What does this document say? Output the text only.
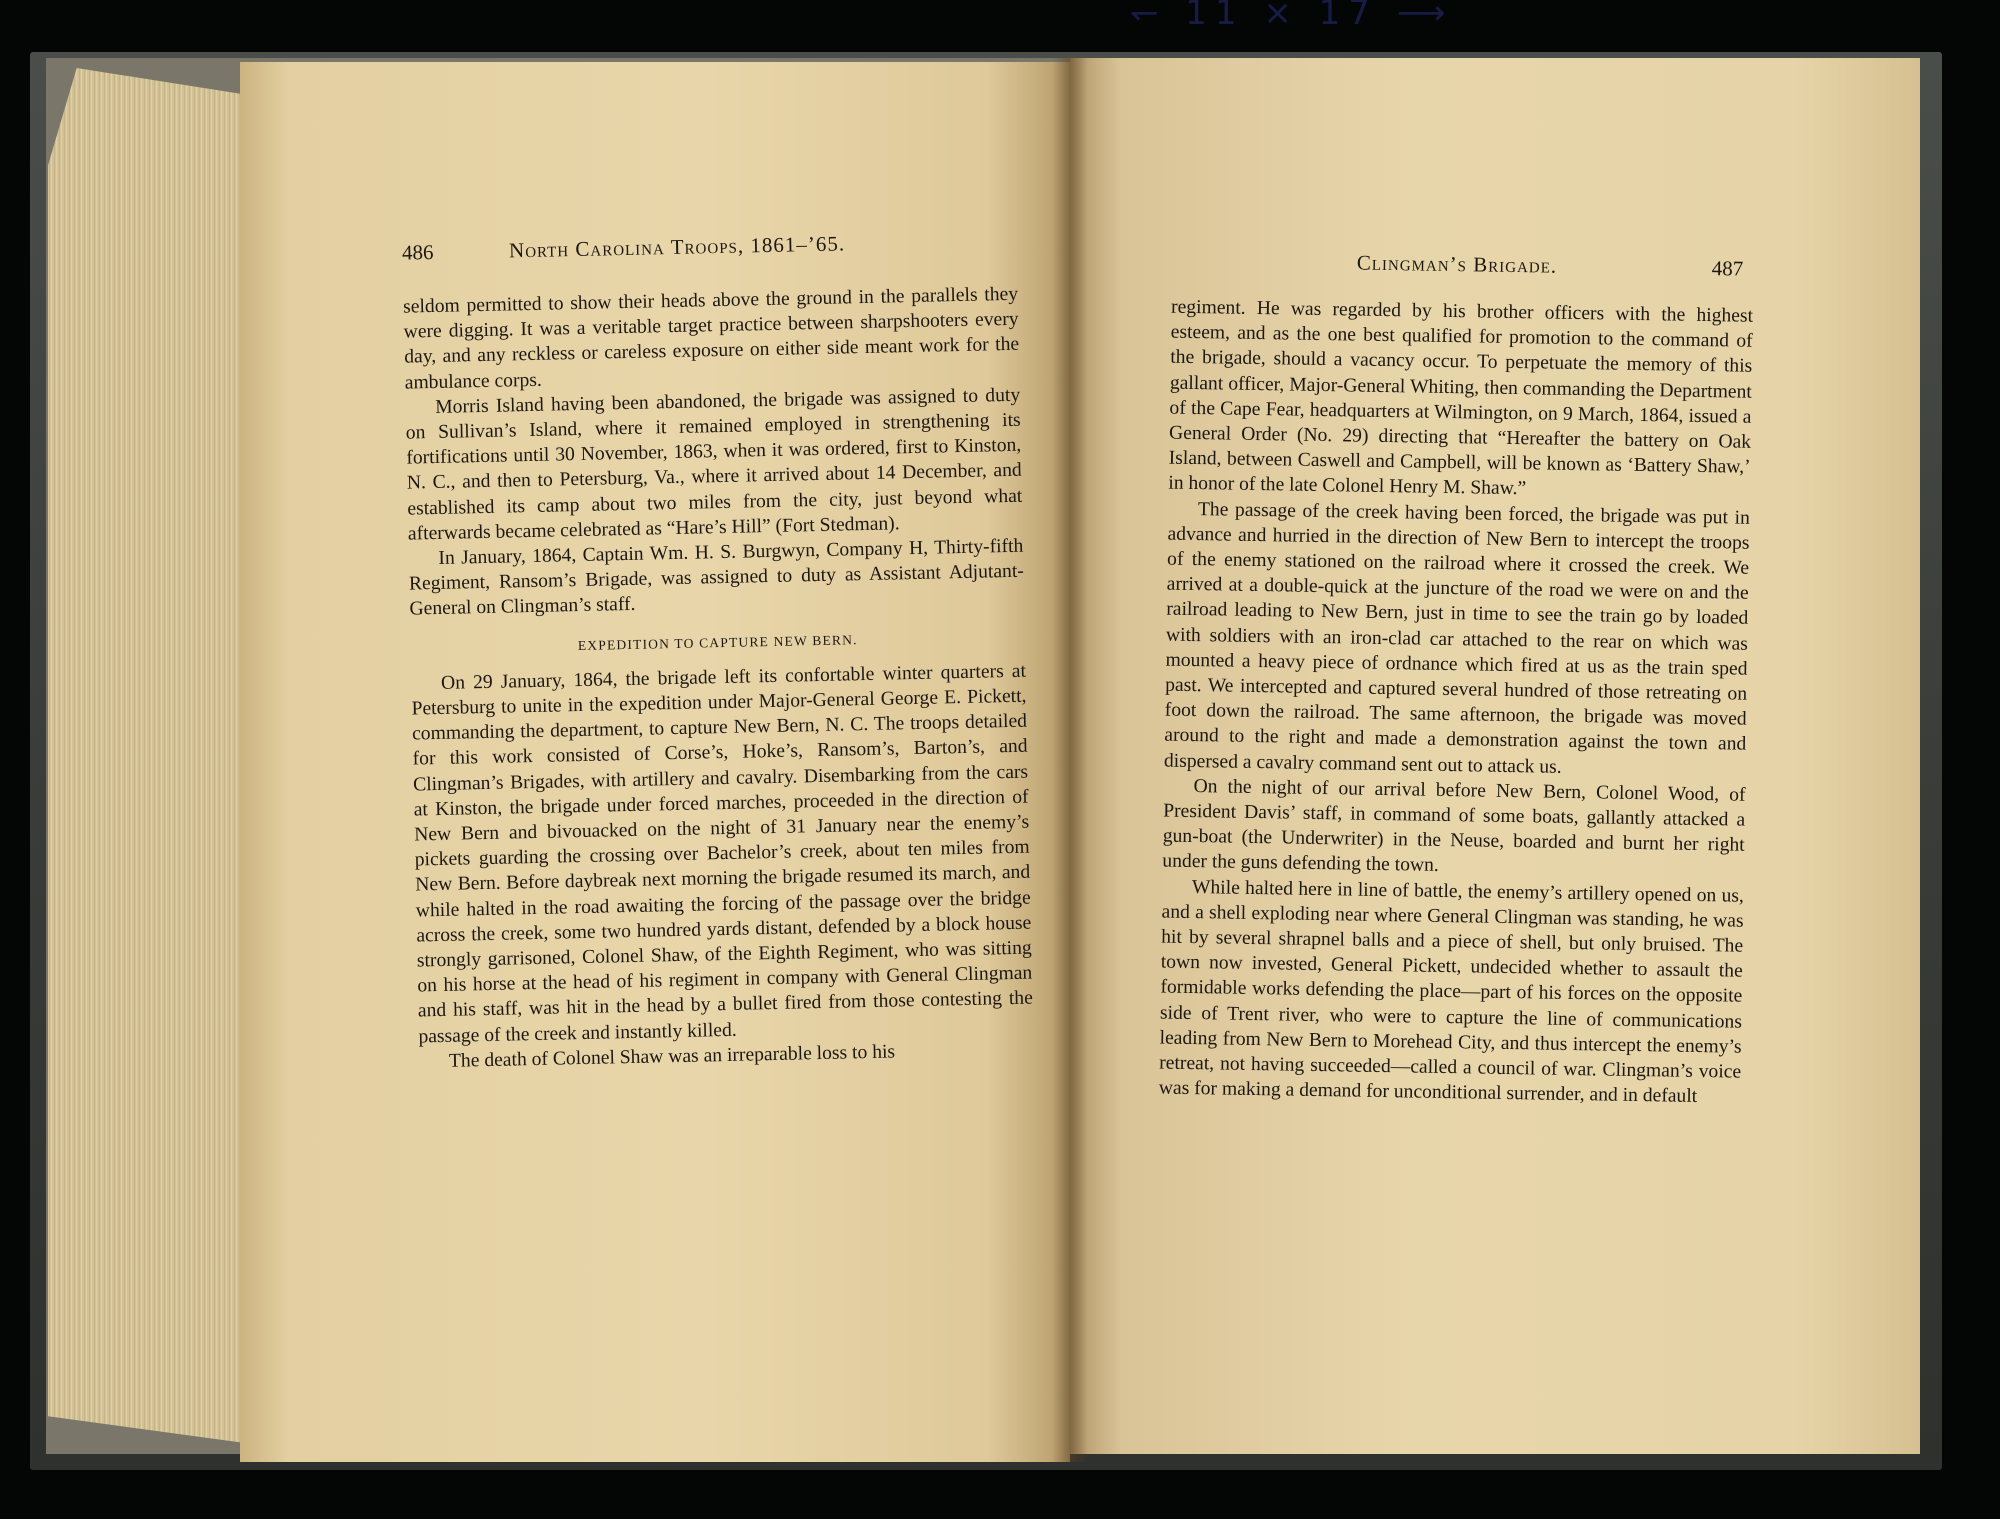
↽ 11 × 17 ⟶
486	North Carolina Troops, 1861–’65.

seldom permitted to show their heads above the ground in the parallels they were digging. It was a veritable target practice between sharpshooters every day, and any reckless or careless exposure on either side meant work for the ambulance corps.

Morris Island having been abandoned, the brigade was assigned to duty on Sullivan’s Island, where it remained employed in strengthening its fortifications until 30 November, 1863, when it was ordered, first to Kinston, N. C., and then to Petersburg, Va., where it arrived about 14 December, and established its camp about two miles from the city, just beyond what afterwards became celebrated as “Hare’s Hill” (Fort Stedman).

In January, 1864, Captain Wm. H. S. Burgwyn, Company H, Thirty-fifth Regiment, Ransom’s Brigade, was assigned to duty as Assistant Adjutant-General on Clingman’s staff.

EXPEDITION TO CAPTURE NEW BERN.

On 29 January, 1864, the brigade left its confortable winter quarters at Petersburg to unite in the expedition under Major-General George E. Pickett, commanding the department, to capture New Bern, N. C. The troops detailed for this work consisted of Corse’s, Hoke’s, Ransom’s, Barton’s, and Clingman’s Brigades, with artillery and cavalry. Disembarking from the cars at Kinston, the brigade under forced marches, proceeded in the direction of New Bern and bivouacked on the night of 31 January near the enemy’s pickets guarding the crossing over Bachelor’s creek, about ten miles from New Bern. Before daybreak next morning the brigade resumed its march, and while halted in the road awaiting the forcing of the passage over the bridge across the creek, some two hundred yards distant, defended by a block house strongly garrisoned, Colonel Shaw, of the Eighth Regiment, who was sitting on his horse at the head of his regiment in company with General Clingman and his staff, was hit in the head by a bullet fired from those contesting the passage of the creek and instantly killed.

The death of Colonel Shaw was an irreparable loss to his

Clingman’s Brigade.	487

regiment. He was regarded by his brother officers with the highest esteem, and as the one best qualified for promotion to the command of the brigade, should a vacancy occur. To perpetuate the memory of this gallant officer, Major-General Whiting, then commanding the Department of the Cape Fear, headquarters at Wilmington, on 9 March, 1864, issued a General Order (No. 29) directing that “Hereafter the battery on Oak Island, between Caswell and Campbell, will be known as ‘Battery Shaw,’ in honor of the late Colonel Henry M. Shaw.”

The passage of the creek having been forced, the brigade was put in advance and hurried in the direction of New Bern to intercept the troops of the enemy stationed on the railroad where it crossed the creek. We arrived at a double-quick at the juncture of the road we were on and the railroad leading to New Bern, just in time to see the train go by loaded with soldiers with an iron-clad car attached to the rear on which was mounted a heavy piece of ordnance which fired at us as the train sped past. We intercepted and captured several hundred of those retreating on foot down the railroad. The same afternoon, the brigade was moved around to the right and made a demonstration against the town and dispersed a cavalry command sent out to attack us.

On the night of our arrival before New Bern, Colonel Wood, of President Davis’ staff, in command of some boats, gallantly attacked a gun-boat (the Underwriter) in the Neuse, boarded and burnt her right under the guns defending the town.

While halted here in line of battle, the enemy’s artillery opened on us, and a shell exploding near where General Clingman was standing, he was hit by several shrapnel balls and a piece of shell, but only bruised. The town now invested, General Pickett, undecided whether to assault the formidable works defending the place—part of his forces on the opposite side of Trent river, who were to capture the line of communications leading from New Bern to Morehead City, and thus intercept the enemy’s retreat, not having succeeded—called a council of war. Clingman’s voice was for making a demand for unconditional surrender, and in default
